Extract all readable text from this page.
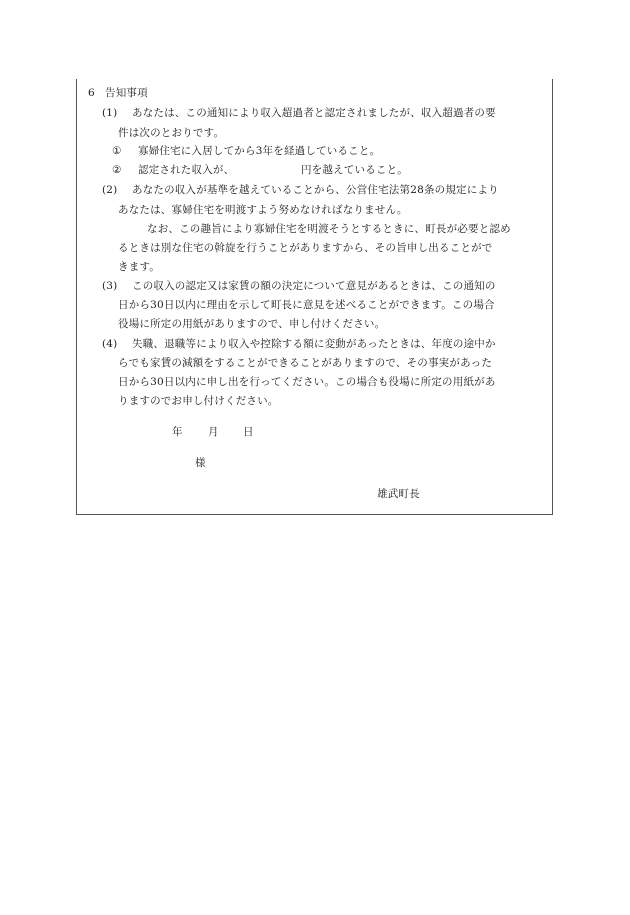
6 告知事項
(1) あなたは、この通知により収入超過者と認定されましたが、収入超過者の要
件は次のとおりです。
① 寡婦住宅に入居してから3年を経過していること。
② 認定された収入が、	円を越えていること。
(2) あなたの収入が基準を越えていることから、公営住宅法第28条の規定により
あなたは、寡婦住宅を明渡すよう努めなければなりません。
なお、この趣旨により寡婦住宅を明渡そうとするときに、町長が必要と認め
るときは別な住宅の斡旋を行うことがありますから、その旨申し出ることがで
きます。
(3) この収入の認定又は家賃の額の決定について意見があるときは、この通知の
日から30日以内に理由を示して町長に意見を述べることができます。この場合
役場に所定の用紙がありますので、申し付けください。
(4) 失職、退職等により収入や控除する額に変動があったときは、年度の途中か
らでも家賃の減額をすることができることがありますので、その事実があった
日から30日以内に申し出を行ってください。この場合も役場に所定の用紙があ
りますのでお申し付けください。
年 月 日
様
雄武町長
